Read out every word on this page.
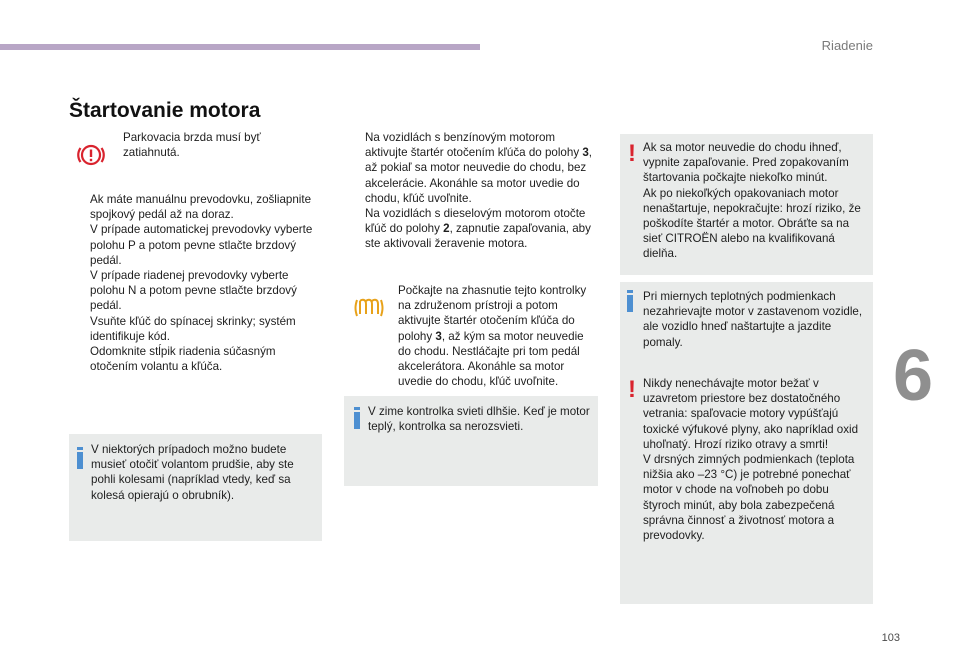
Riadenie
6
103
Štartovanie motora
Parkovacia brzda musí byť zatiahnutá.

Ak máte manuálnu prevodovku, zošliapnite spojkový pedál až na doraz.

V prípade automatickej prevodovky vyberte polohu P a potom pevne stlačte brzdový pedál.

V prípade riadenej prevodovky vyberte polohu N a potom pevne stlačte brzdový pedál.

Vsuňte kľúč do spínacej skrinky; systém identifikuje kód.

Odomknite stĺpik riadenia súčasným otočením volantu a kľúča.

V niektorých prípadoch možno budete musieť otočiť volantom prudšie, aby ste pohli kolesami (napríklad vtedy, keď sa kolesá opierajú o obrubník).

Na vozidlách s benzínovým motorom aktivujte štartér otočením kľúča do polohy 3, až pokiaľ sa motor neuvedie do chodu, bez akcelerácie. Akonáhle sa motor uvedie do chodu, kľúč uvoľnite.

Na vozidlách s dieselovým motorom otočte kľúč do polohy 2, zapnutie zapaľovania, aby ste aktivovali žeravenie motora.

Počkajte na zhasnutie tejto kontrolky na združenom prístroji a potom aktivujte štartér otočením kľúča do polohy 3, až kým sa motor neuvedie do chodu. Nestláčajte pri tom pedál akcelerátora. Akonáhle sa motor uvedie do chodu, kľúč uvoľnite.

V zime kontrolka svieti dlhšie. Keď je motor teplý, kontrolka sa nerozsvieti.
! Ak sa motor neuvedie do chodu ihneď, vypnite zapaľovanie. Pred zopakovaním štartovania počkajte niekoľko minút.
Ak po niekoľkých opakovaniach motor nenaštartuje, nepokračujte: hrozí riziko, že poškodíte štartér a motor. Obráťte sa na sieť CITROËN alebo na kvalifikovaná dielňa.
Pri miernych teplotných podmienkach nezahrievajte motor v zastavenom vozidle, ale vozidlo hneď naštartujte a jazdite pomaly.
! Nikdy nenechávajte motor bežať v uzavretom priestore bez dostatočného vetrania: spaľovacie motory vypúšťajú toxické výfukové plyny, ako napríklad oxid uhoľnatý. Hrozí riziko otravy a smrti!
V drsných zimných podmienkach (teplota nižšia ako –23 °C) je potrebné ponechať motor v chode na voľnobeh po dobu štyroch minút, aby bola zabezpečená správna činnosť a životnosť motora a prevodovky.
